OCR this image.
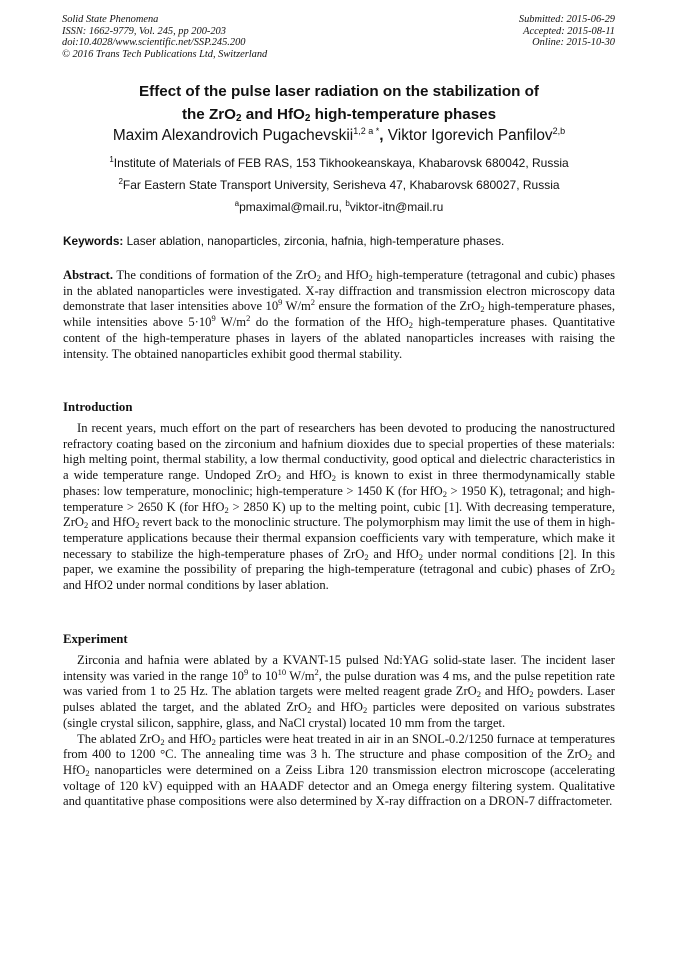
Solid State Phenomena
ISSN: 1662-9779, Vol. 245, pp 200-203
doi:10.4028/www.scientific.net/SSP.245.200
© 2016 Trans Tech Publications Ltd, Switzerland
Submitted: 2015-06-29
Accepted: 2015-08-11
Online: 2015-10-30
Effect of the pulse laser radiation on the stabilization of
the ZrO$_2$ and HfO$_2$ high-temperature phases
Maxim Alexandrovich Pugachevskii$^{1,2 a *}$, Viktor Igorevich Panfilov$^{2,b}$
$^1$Institute of Materials of FEB RAS, 153 Tikhookeanskaya, Khabarovsk 680042, Russia
$^2$Far Eastern State Transport University, Serisheva 47, Khabarovsk 680027, Russia
$^a$pmaximal@mail.ru, $^b$viktor-itn@mail.ru
Keywords: Laser ablation, nanoparticles, zirconia, hafnia, high-temperature phases.

Abstract. The conditions of formation of the ZrO$_2$ and HfO$_2$ high-temperature (tetragonal and cubic) phases in the ablated nanoparticles were investigated. X-ray diffraction and transmission electron microscopy data demonstrate that laser intensities above $10^9$ $W/m^2$ ensure the formation of the ZrO$_2$ high-temperature phases, while intensities above $5\cdot 10^9$ $W/m^2$ do the formation of the HfO$_2$ high-temperature phases. Quantitative content of the high-temperature phases in layers of the ablated nanoparticles increases with raising the intensity. The obtained nanoparticles exhibit good thermal stability.

Introduction

In recent years, much effort on the part of researchers has been devoted to producing the nanostructured refractory coating based on the zirconium and hafnium dioxides due to special properties of these materials: high melting point, thermal stability, a low thermal conductivity, good optical and dielectric characteristics in a wide temperature range. Undoped ZrO$_2$ and HfO$_2$ is known to exist in three thermodynamically stable phases: low temperature, monoclinic; high-temperature > 1450 K (for HfO$_2$ > 1950 K), tetragonal; and high-temperature > 2650 K (for HfO$_2$ > 2850 K) up to the melting point, cubic [1]. With decreasing temperature, ZrO$_2$ and HfO$_2$ revert back to the monoclinic structure. The polymorphism may limit the use of them in high-temperature applications because their thermal expansion coefficients vary with temperature, which make it necessary to stabilize the high-temperature phases of ZrO$_2$ and HfO$_2$ under normal conditions [2]. In this paper, we examine the possibility of preparing the high-temperature (tetragonal and cubic) phases of ZrO$_2$ and HfO2 under normal conditions by laser ablation.

Experiment

Zirconia and hafnia were ablated by a KVANT-15 pulsed Nd:YAG solid-state laser. The incident laser intensity was varied in the range $10^9$ to $10^{10}$ $W/m^2$, the pulse duration was 4 ms, and the pulse repetition rate was varied from 1 to 25 Hz. The ablation targets were melted reagent grade ZrO$_2$ and HfO$_2$ powders. Laser pulses ablated the target, and the ablated ZrO$_2$ and HfO$_2$ particles were deposited on various substrates (single crystal silicon, sapphire, glass, and NaCl crystal) located 10 mm from the target.

The ablated ZrO$_2$ and HfO$_2$ particles were heat treated in air in an SNOL-0.2/1250 furnace at temperatures from 400 to 1200 °C. The annealing time was 3 h. The structure and phase composition of the ZrO$_2$ and HfO$_2$ nanoparticles were determined on a Zeiss Libra 120 transmission electron microscope (accelerating voltage of 120 kV) equipped with an HAADF detector and an Omega energy filtering system. Qualitative and quantitative phase compositions were also determined by X-ray diffraction on a DRON-7 diffractometer.
